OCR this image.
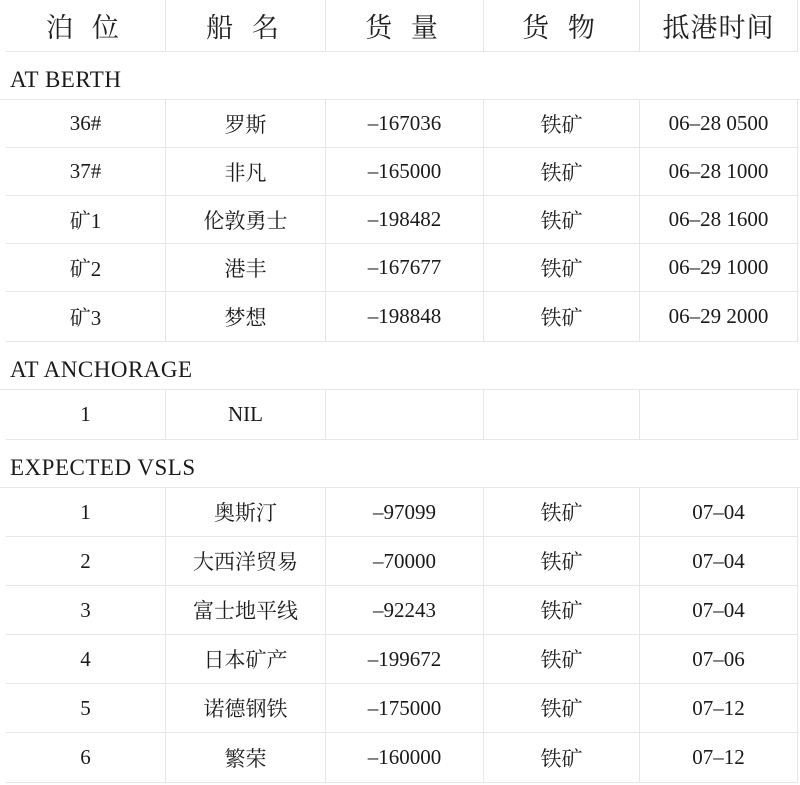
泊 位	船 名	货 量	货 物	抵港时间
AT BERTH
36#	罗斯	–167036	铁矿	06–28 0500
37#	非凡	–165000	铁矿	06–28 1000
矿1	伦敦勇士	–198482	铁矿	06–28 1600
矿2	港丰	–167677	铁矿	06–29 1000
矿3	梦想	–198848	铁矿	06–29 2000
AT ANCHORAGE
1	NIL
EXPECTED VSLS
1	奥斯汀	–97099	铁矿	07–04
2	大西洋贸易	–70000	铁矿	07–04
3	富士地平线	–92243	铁矿	07–04
4	日本矿产	–199672	铁矿	07–06
5	诺德钢铁	–175000	铁矿	07–12
6	繁荣	–160000	铁矿	07–12
